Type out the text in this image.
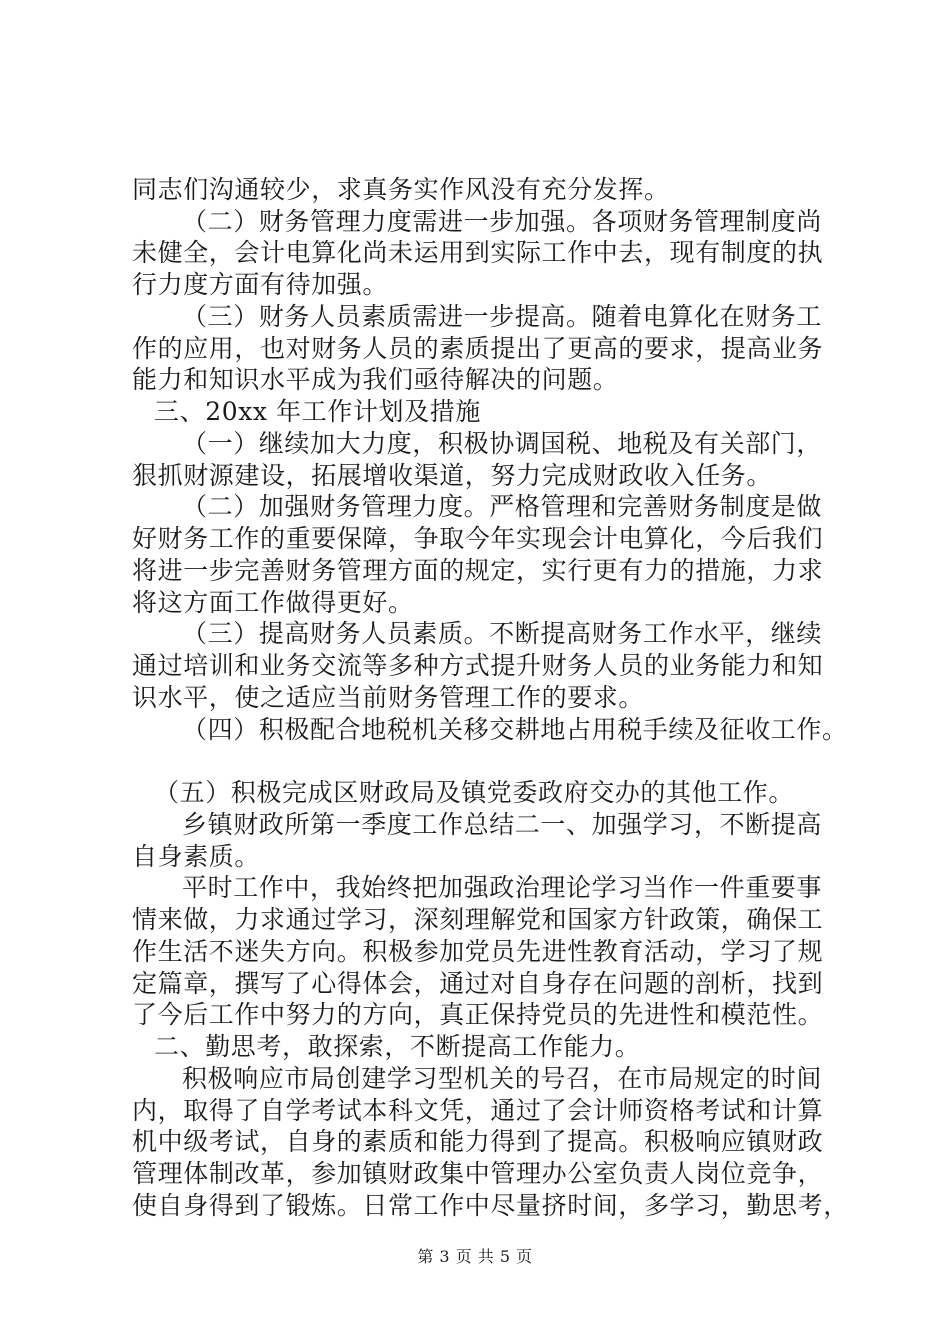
同志们沟通较少，求真务实作风没有充分发挥。
（二）财务管理力度需进一步加强。各项财务管理制度尚
未健全，会计电算化尚未运用到实际工作中去，现有制度的执
行力度方面有待加强。
（三）财务人员素质需进一步提高。随着电算化在财务工
作的应用，也对财务人员的素质提出了更高的要求，提高业务
能力和知识水平成为我们亟待解决的问题。
三、20xx 年工作计划及措施
（一）继续加大力度，积极协调国税、地税及有关部门，
狠抓财源建设，拓展增收渠道，努力完成财政收入任务。
（二）加强财务管理力度。严格管理和完善财务制度是做
好财务工作的重要保障，争取今年实现会计电算化，今后我们
将进一步完善财务管理方面的规定，实行更有力的措施，力求
将这方面工作做得更好。
（三）提高财务人员素质。不断提高财务工作水平，继续
通过培训和业务交流等多种方式提升财务人员的业务能力和知
识水平，使之适应当前财务管理工作的要求。
（四）积极配合地税机关移交耕地占用税手续及征收工作。
（五）积极完成区财政局及镇党委政府交办的其他工作。
乡镇财政所第一季度工作总结二一、加强学习，不断提高
自身素质。
平时工作中，我始终把加强政治理论学习当作一件重要事
情来做，力求通过学习，深刻理解党和国家方针政策，确保工
作生活不迷失方向。积极参加党员先进性教育活动，学习了规
定篇章，撰写了心得体会，通过对自身存在问题的剖析，找到
了今后工作中努力的方向，真正保持党员的先进性和模范性。
二、勤思考，敢探索，不断提高工作能力。
积极响应市局创建学习型机关的号召，在市局规定的时间
内，取得了自学考试本科文凭，通过了会计师资格考试和计算
机中级考试，自身的素质和能力得到了提高。积极响应镇财政
管理体制改革，参加镇财政集中管理办公室负责人岗位竞争，
使自身得到了锻炼。日常工作中尽量挤时间，多学习，勤思考，
第 3 页 共 5 页
